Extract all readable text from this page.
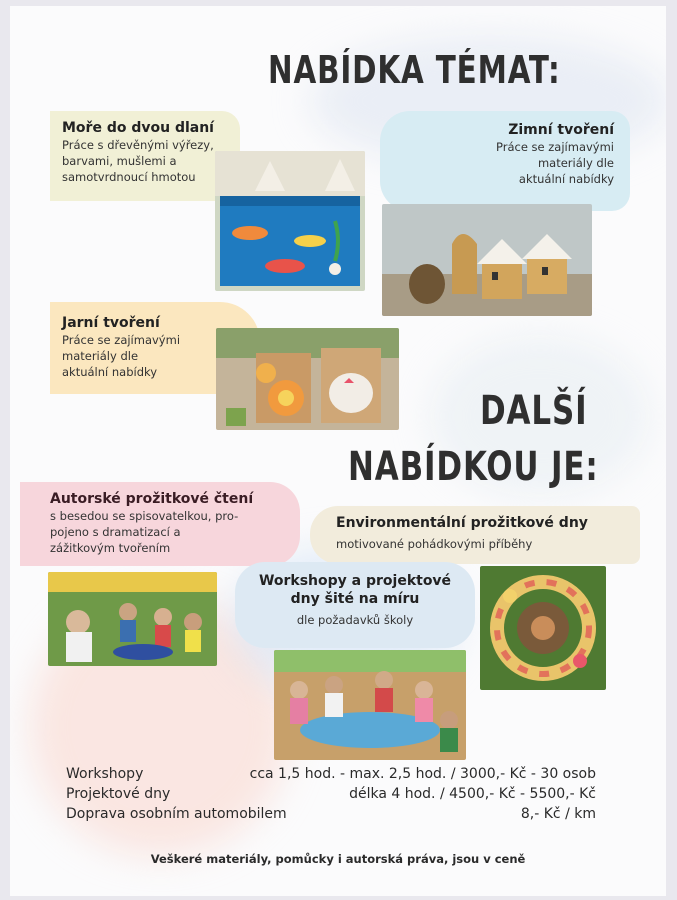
NABÍDKA TÉMAT:
Moře do dvou dlaní
Práce s dřevěnými výřezy,
barvami, mušlemi a
samotvrdnoucí hmotou
Zimní tvoření
Práce se zajímavými
materiály dle
aktuální nabídky
Jarní tvoření
Práce se zajímavými
materiály dle
aktuální nabídky
DALŠÍ
NABÍDKOU JE:
Autorské prožitkové čtení
s besedou se spisovatelkou, pro-
pojeno s dramatizací a
zážitkovým tvořením
Environmentální prožitkové dny
motivované pohádkovými příběhy
Workshopy a projektové
dny šité na míru
dle požadavků školy
Workshopy	cca 1,5 hod. - max. 2,5 hod. / 3000,- Kč - 30 osob
Projektové dny	délka 4 hod. / 4500,- Kč - 5500,- Kč
Doprava osobním automobilem	8,- Kč / km
Veškeré materiály, pomůcky i autorská práva, jsou v ceně
